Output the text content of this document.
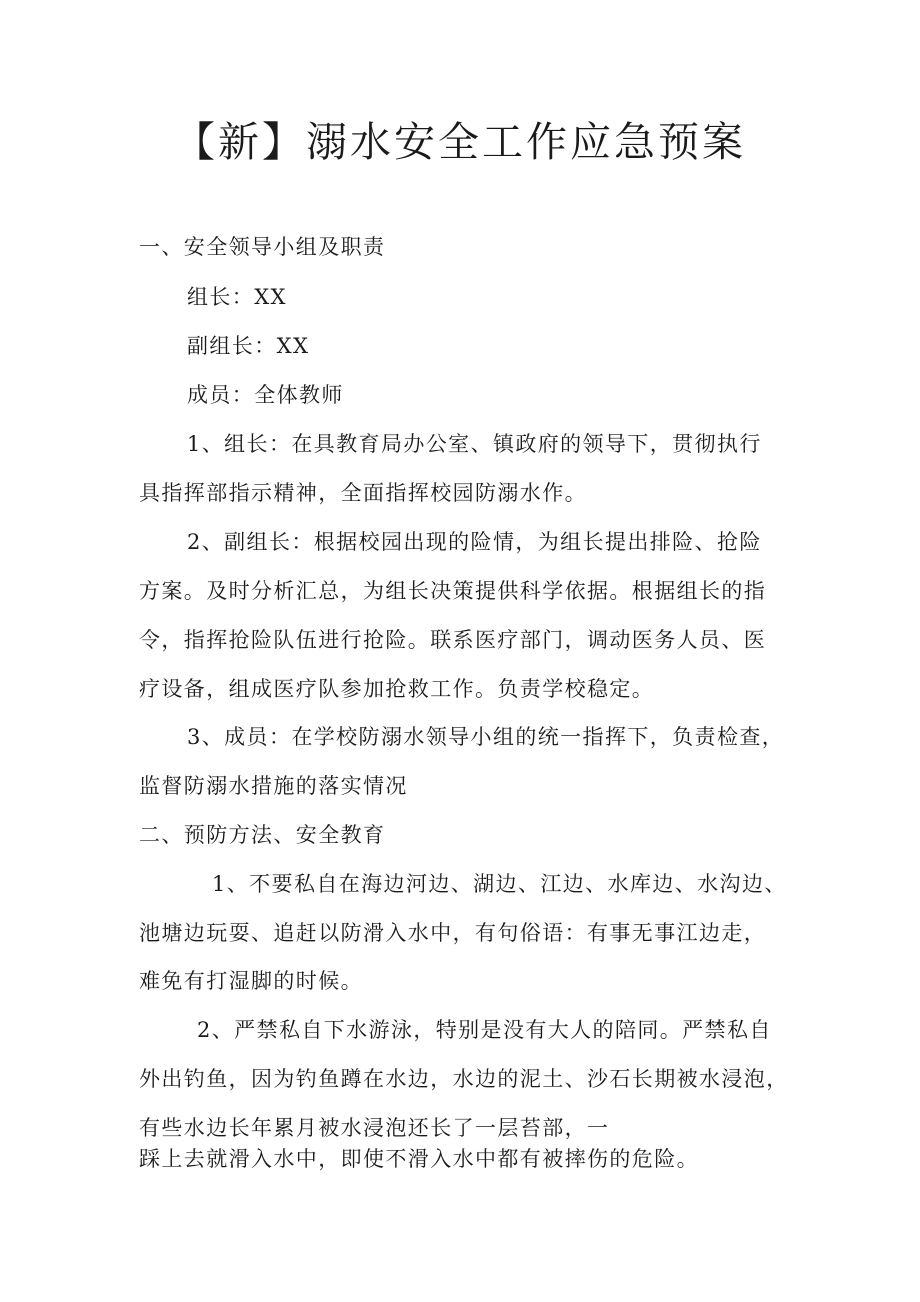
【新】溺水安全工作应急预案

一、安全领导小组及职责

组长：XX

副组长：XX

成员：全体教师

1、组长：在具教育局办公室、镇政府的领导下，贯彻执行

具指挥部指示精神，全面指挥校园防溺水作。

2、副组长：根据校园出现的险情，为组长提出排险、抢险

方案。及时分析汇总，为组长决策提供科学依据。根据组长的指

令，指挥抢险队伍进行抢险。联系医疗部门，调动医务人员、医

疗设备，组成医疗队参加抢救工作。负责学校稳定。

3、成员：在学校防溺水领导小组的统一指挥下，负责检查，

监督防溺水措施的落实情况

二、预防方法、安全教育

1、不要私自在海边河边、湖边、江边、水库边、水沟边、

池塘边玩耍、追赶以防滑入水中，有句俗语：有事无事江边走，

难免有打湿脚的时候。

2、严禁私自下水游泳，特别是没有大人的陪同。严禁私自

外出钓鱼，因为钓鱼蹲在水边，水边的泥土、沙石长期被水浸泡，

有些水边长年累月被水浸泡还长了一层苔部，一

踩上去就滑入水中，即使不滑入水中都有被摔伤的危险。
